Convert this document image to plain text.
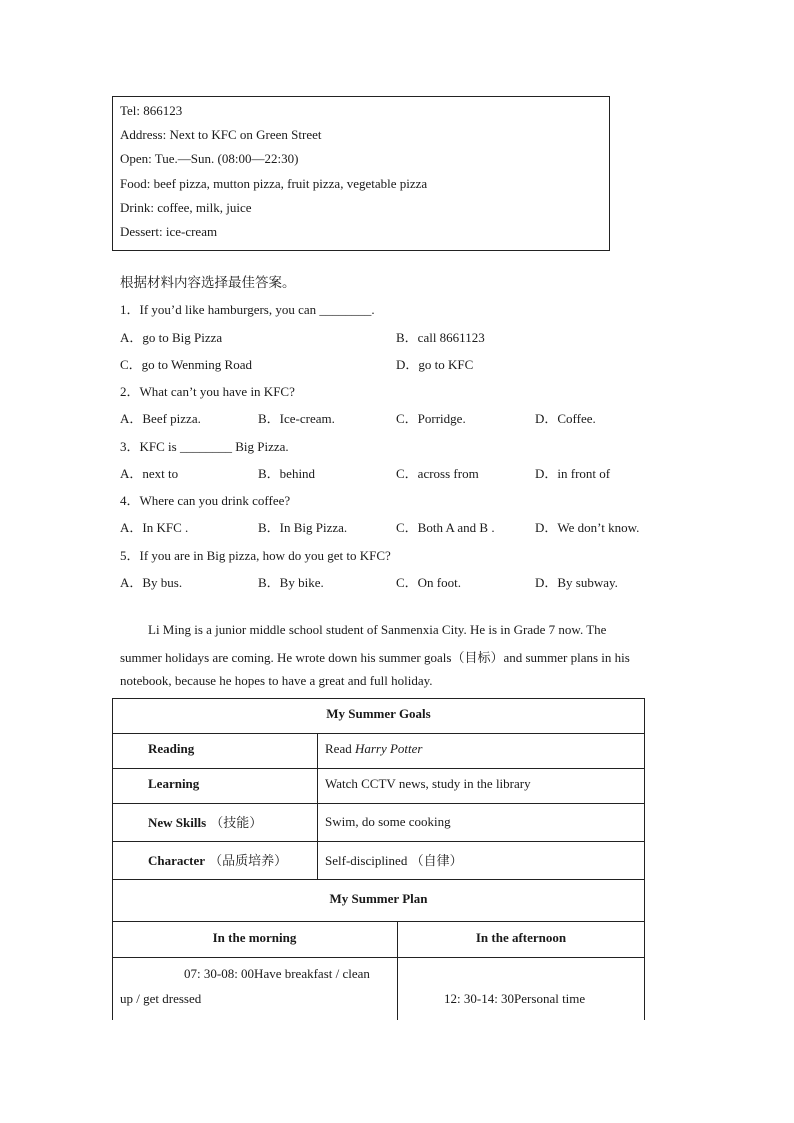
Tel: 866123
Address: Next to KFC on Green Street
Open: Tue.—Sun. (08:00—22:30)
Food: beef pizza, mutton pizza, fruit pizza, vegetable pizza
Drink: coffee, milk, juice
Dessert: ice-cream
根据材料内容选择最佳答案。
1．If you’d like hamburgers, you can ________.
A．go to Big Pizza	B．call 8661123
C．go to Wenming Road	D．go to KFC
2．What can’t you have in KFC?
A．Beef pizza.	B．Ice-cream.	C．Porridge.	D．Coffee.
3．KFC is ________ Big Pizza.
A．next to	B．behind	C．across from	D．in front of
4．Where can you drink coffee?
A．In KFC .	B．In Big Pizza.	C．Both A and B .	D．We don’t know.
5．If you are in Big pizza, how do you get to KFC?
A．By bus.	B．By bike.	C．On foot.	D．By subway.
Li Ming is a junior middle school student of Sanmenxia City. He is in Grade 7 now. The
summer holidays are coming. He wrote down his summer goals（目标）and summer plans in his
notebook, because he hopes to have a great and full holiday.
My Summer Goals
Reading	Read Harry Potter
Learning	Watch CCTV news, study in the library
New Skills （技能）	Swim, do some cooking
Character （品质培养）	Self-disciplined （自律）
My Summer Plan
In the morning	In the afternoon
07: 30-08: 00Have breakfast / clean
up / get dressed	12: 30-14: 30Personal time
